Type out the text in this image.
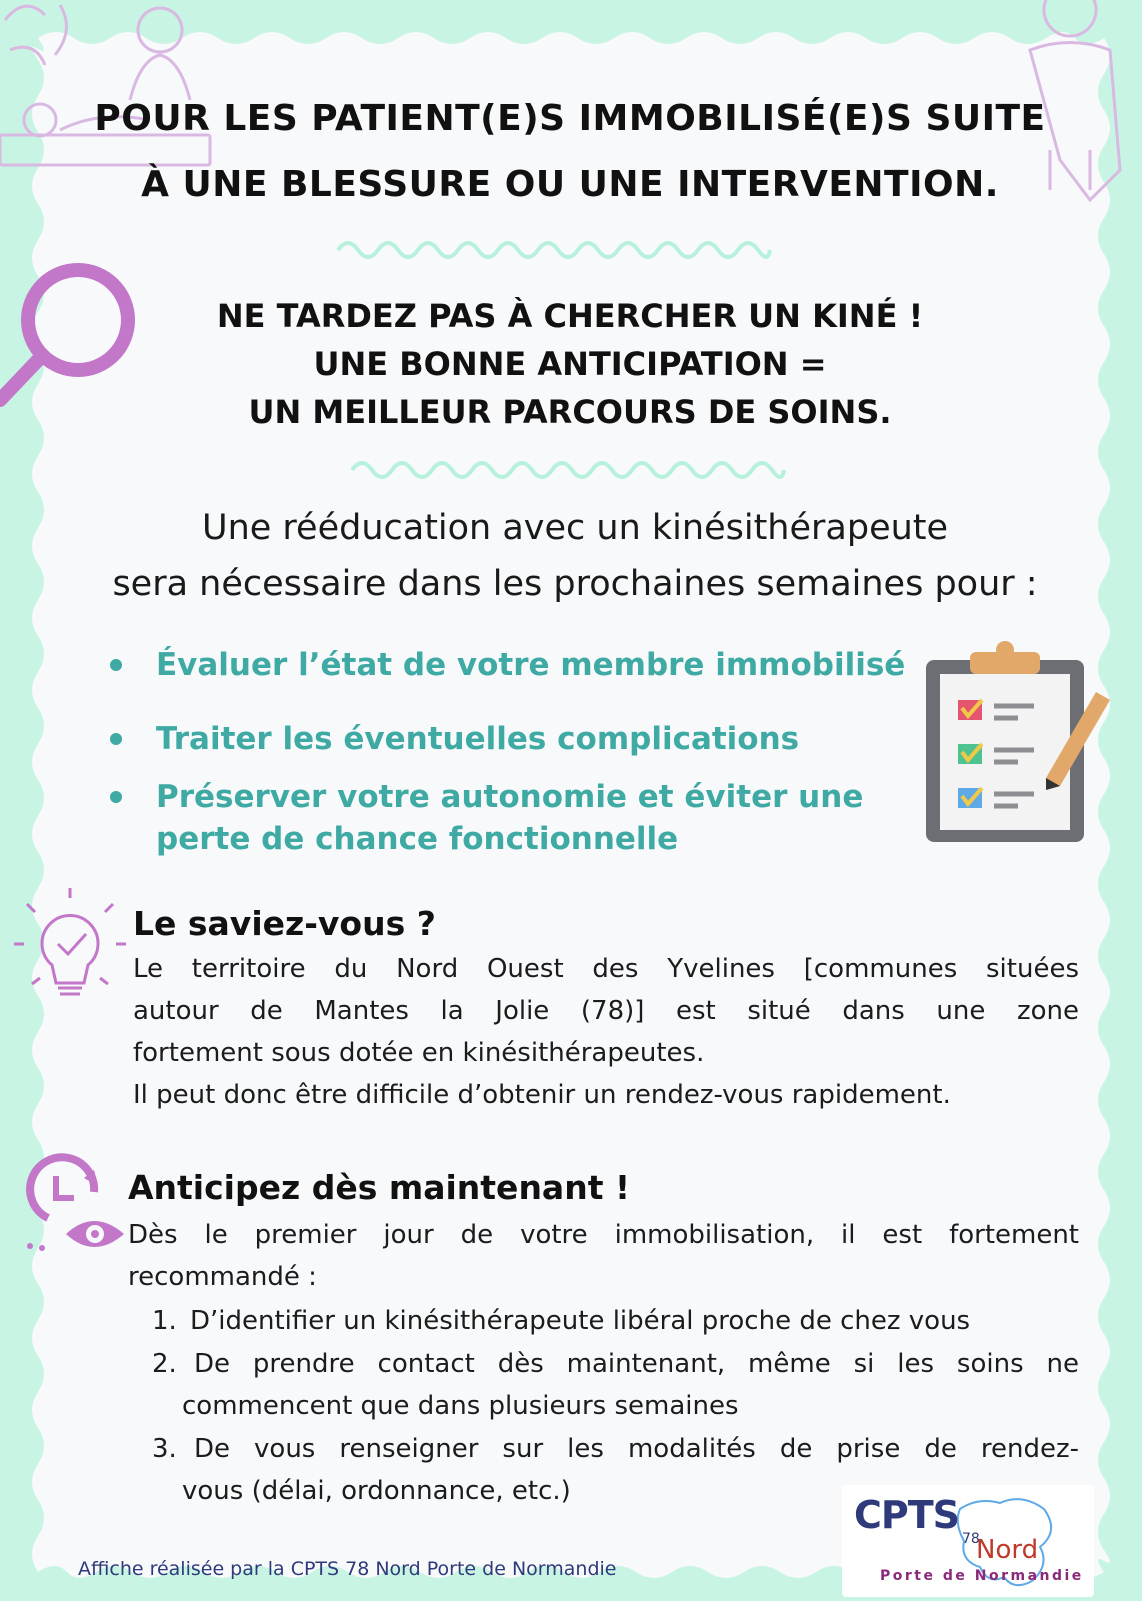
POUR LES PATIENT(E)S IMMOBILISÉ(E)S SUITE
À UNE BLESSURE OU UNE INTERVENTION.
NE TARDEZ PAS À CHERCHER UN KINÉ !
UNE BONNE ANTICIPATION =
UN MEILLEUR PARCOURS DE SOINS.
Une rééducation avec un kinésithérapeute
sera nécessaire dans les prochaines semaines pour :
Évaluer l’état de votre membre immobilisé
Traiter les éventuelles complications
Préserver votre autonomie et éviter une
perte de chance fonctionnelle
Le saviez-vous ?
Le territoire du Nord Ouest des Yvelines [communes situées
autour de Mantes la Jolie (78)] est situé dans une zone
fortement sous dotée en kinésithérapeutes.
Il peut donc être difficile d’obtenir un rendez-vous rapidement.
Anticipez dès maintenant !
Dès le premier jour de votre immobilisation, il est fortement
recommandé :
1. D’identifier un kinésithérapeute libéral proche de chez vous
2. De prendre contact dès maintenant, même si les soins ne
commencent que dans plusieurs semaines
3. De vous renseigner sur les modalités de prise de rendez-
vous (délai, ordonnance, etc.)
Affiche réalisée par la CPTS 78 Nord Porte de Normandie
CPTS
78
Nord
Porte de Normandie
